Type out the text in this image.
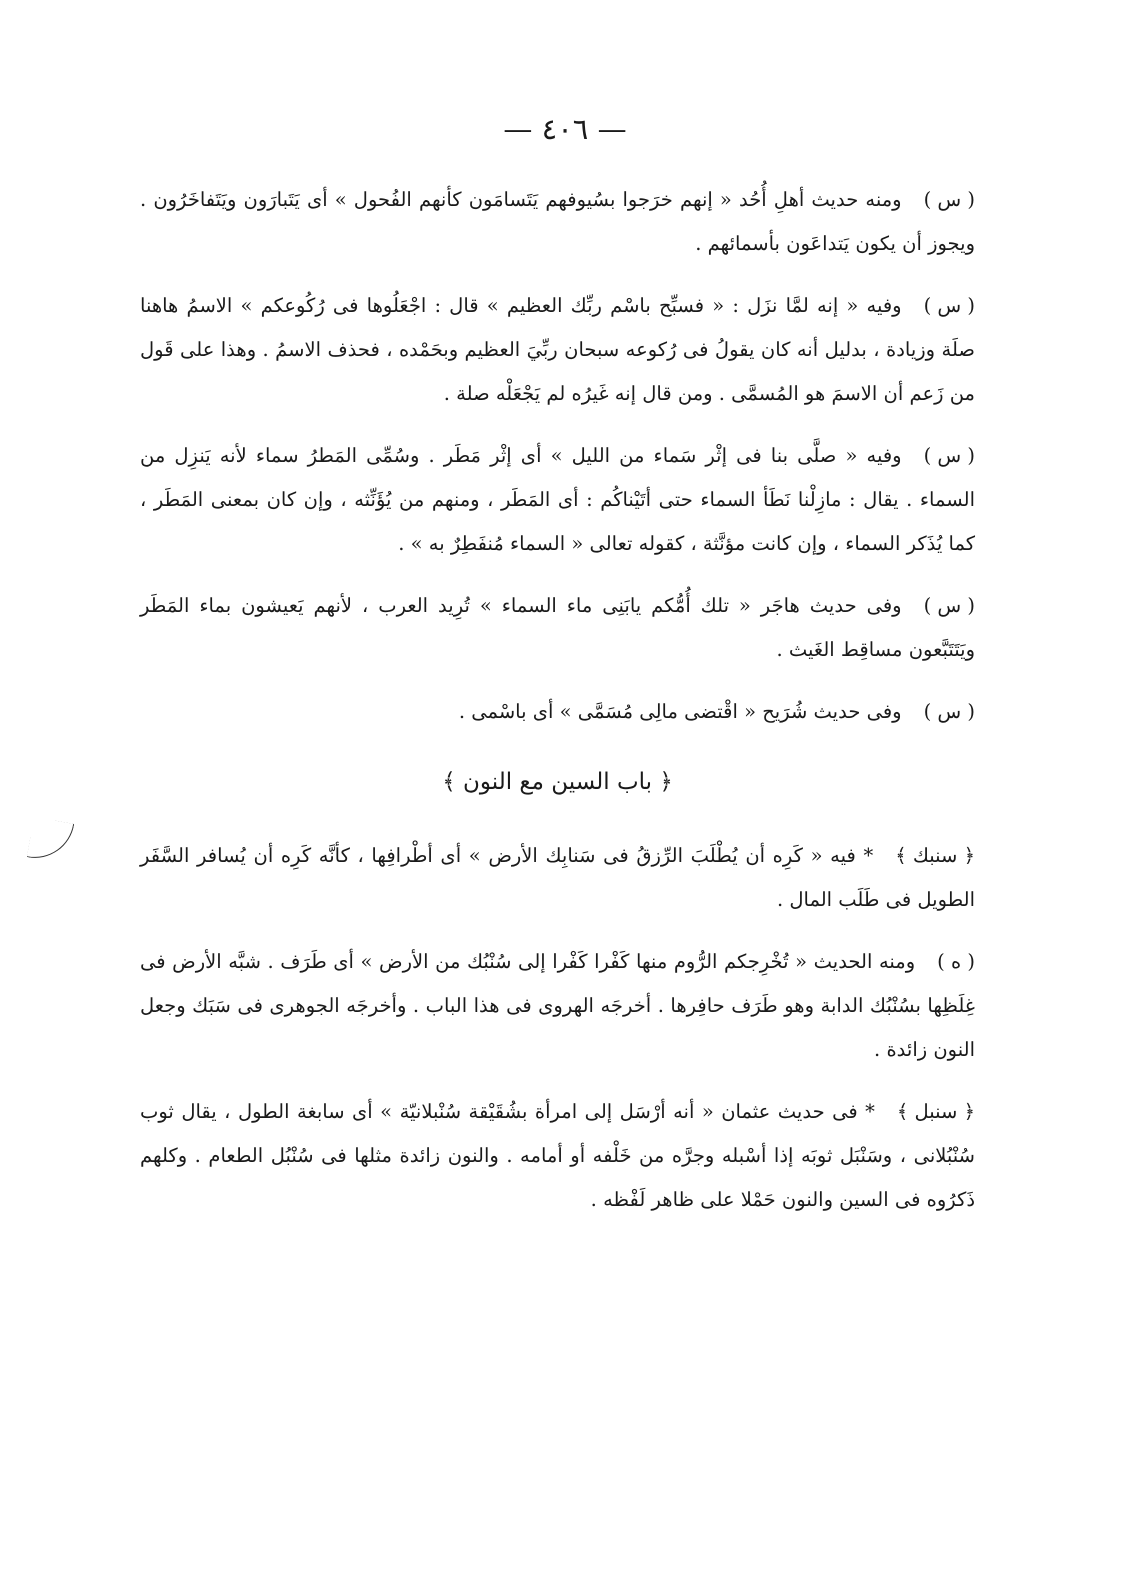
— ٤٠٦ —

( س )ومنه حديث أهلِ أُحُد « إنهم خرَجوا بسُيوفهم يَتَسامَون كأنهم الفُحول » أى يَتَبارَون ويَتَفاخَرُون . ويجوز أن يكون يَتداعَون بأسمائهم .

( س )وفيه « إنه لمَّا نزَل : « فسبِّح باسْم ربِّك العظيم » قال : اجْعَلُوها فى رُكُوعكم » الاسمُ هاهنا صلَة وزيادة ، بدليل أنه كان يقولُ فى رُكوعه سبحان ربِّيَ العظيم وبحَمْده ، فحذف الاسمُ . وهذا على قَول من زَعم أن الاسمَ هو المُسمَّى . ومن قال إنه غَيرُه لم يَجْعَلْه صلة .

( س )وفيه « صلَّى بنا فى إثْر سَماء من الليل » أى إثْر مَطَر . وسُمِّى المَطرُ سماء لأنه يَنزِل من السماء . يقال : مازِلْنا نَطَأ السماء حتى أتَيْناكُم : أى المَطَر ، ومنهم من يُؤَنِّثه ، وإن كان بمعنى المَطَر ، كما يُذَكر السماء ، وإن كانت مؤنَّثة ، كقوله تعالى « السماء مُنفَطِرٌ به » .

( س )وفى حديث هاجَر « تلك أُمُّكم يابَنِى ماء السماء » تُرِيد العرب ، لأنهم يَعيشون بماء المَطَر ويَتَتَبَّعون مساقِط الغَيث .

( س )وفى حديث شُرَيح « اقْتضى مالِى مُسَمَّى » أى باسْمى .

﴿ باب السين مع النون ﴾

﴿ سنبك ﴾* فيه « كَرِه أن يُطْلَبَ الرِّزقُ فى سَنابِك الأرض » أى أطْرافِها ، كأنَّه كَرِه أن يُسافر السَّفَر الطويل فى طَلَب المال .

( ه )ومنه الحديث « تُخْرِجكم الرُّوم منها كَفْرا كَفْرا إلى سُنْبُك من الأرض » أى طَرَف . شبَّه الأرض فى غِلَظِها بسُنْبُك الدابة وهو طَرَف حافِرها . أخرجَه الهروى فى هذا الباب . وأخرجَه الجوهرى فى سَبَك وجعل النون زائدة .

﴿ سنبل ﴾* فى حديث عثمان « أنه أرْسَل إلى امرأة بشُقَيْقة سُنْبلانيّة » أى سابغة الطول ، يقال ثوب سُنْبُلانى ، وسَنْبَل ثوبَه إذا أسْبله وجرَّه من خَلْفه أو أمامه . والنون زائدة مثلها فى سُنْبُل الطعام . وكلهم ذَكرُوه فى السين والنون حَمْلا على ظاهر لَفْظه .
